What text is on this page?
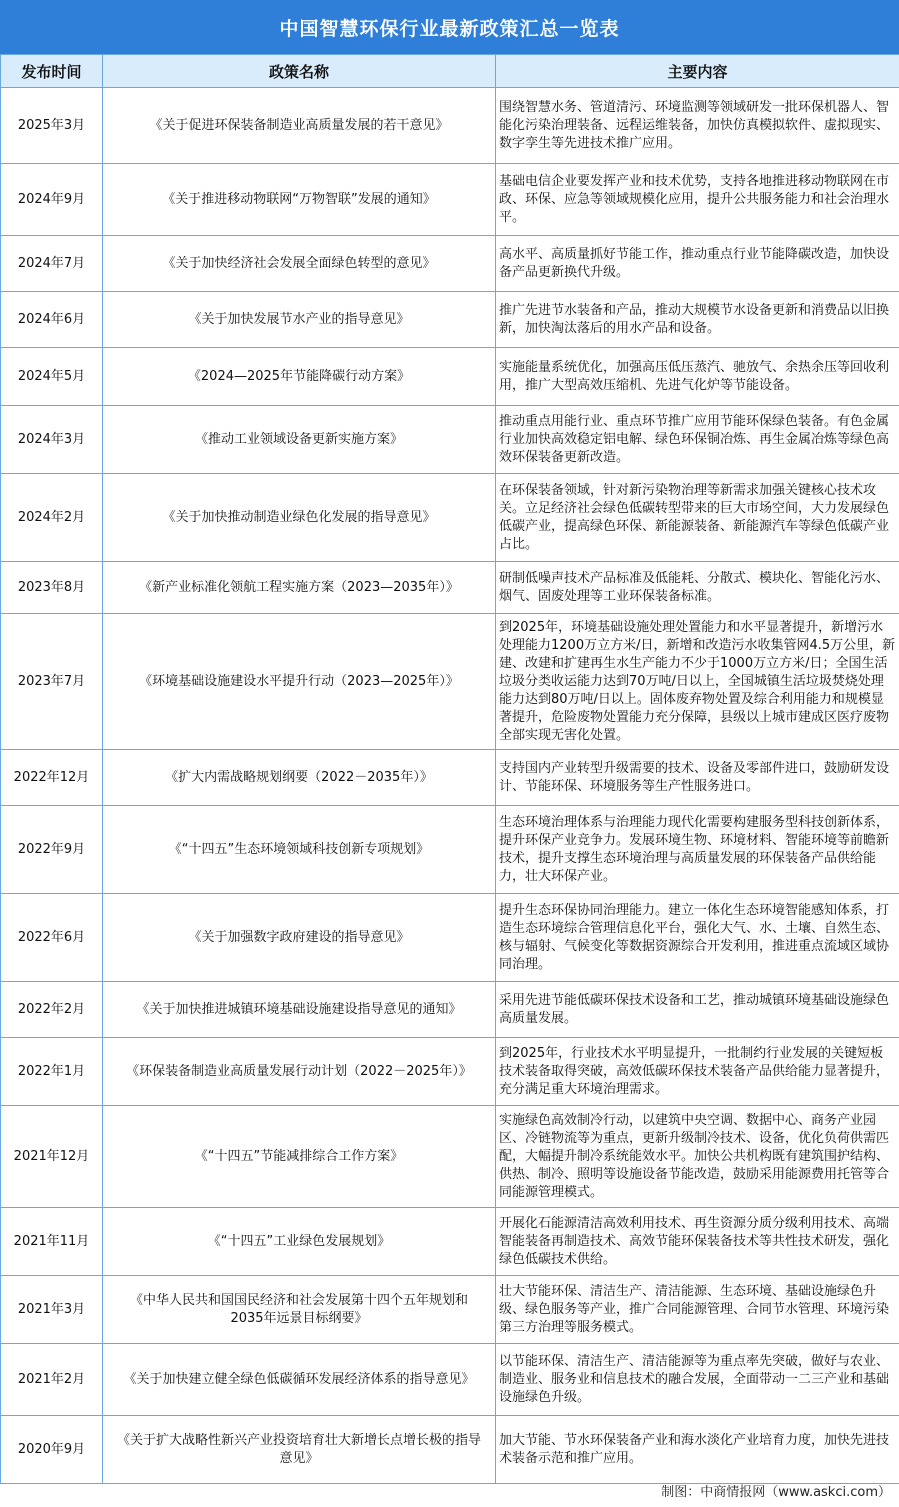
中国智慧环保行业最新政策汇总一览表
发布时间	政策名称	主要内容
2025年3月	《关于促进环保装备制造业高质量发展的若干意见》	围绕智慧水务、管道清污、环境监测等领域研发一批环保机器人、智能化污染治理装备、远程运维装备，加快仿真模拟软件、虚拟现实、数字孪生等先进技术推广应用。
2024年9月	《关于推进移动物联网“万物智联”发展的通知》	基础电信企业要发挥产业和技术优势，支持各地推进移动物联网在市政、环保、应急等领域规模化应用，提升公共服务能力和社会治理水平。
2024年7月	《关于加快经济社会发展全面绿色转型的意见》	高水平、高质量抓好节能工作，推动重点行业节能降碳改造，加快设备产品更新换代升级。
2024年6月	《关于加快发展节水产业的指导意见》	推广先进节水装备和产品，推动大规模节水设备更新和消费品以旧换新，加快淘汰落后的用水产品和设备。
2024年5月	《2024—2025年节能降碳行动方案》	实施能量系统优化，加强高压低压蒸汽、驰放气、余热余压等回收利用，推广大型高效压缩机、先进气化炉等节能设备。
2024年3月	《推动工业领域设备更新实施方案》	推动重点用能行业、重点环节推广应用节能环保绿色装备。有色金属行业加快高效稳定铝电解、绿色环保铜冶炼、再生金属冶炼等绿色高效环保装备更新改造。
2024年2月	《关于加快推动制造业绿色化发展的指导意见》	在环保装备领域，针对新污染物治理等新需求加强关键核心技术攻关。立足经济社会绿色低碳转型带来的巨大市场空间，大力发展绿色低碳产业，提高绿色环保、新能源装备、新能源汽车等绿色低碳产业占比。
2023年8月	《新产业标准化领航工程实施方案（2023—2035年）》	研制低噪声技术产品标准及低能耗、分散式、模块化、智能化污水、烟气、固废处理等工业环保装备标准。
2023年7月	《环境基础设施建设水平提升行动（2023—2025年）》	到2025年，环境基础设施处理处置能力和水平显著提升，新增污水处理能力1200万立方米/日，新增和改造污水收集管网4.5万公里，新建、改建和扩建再生水生产能力不少于1000万立方米/日；全国生活垃圾分类收运能力达到70万吨/日以上，全国城镇生活垃圾焚烧处理能力达到80万吨/日以上。固体废弃物处置及综合利用能力和规模显著提升，危险废物处置能力充分保障，县级以上城市建成区医疗废物全部实现无害化处置。
2022年12月	《扩大内需战略规划纲要（2022－2035年）》	支持国内产业转型升级需要的技术、设备及零部件进口，鼓励研发设计、节能环保、环境服务等生产性服务进口。
2022年9月	《“十四五”生态环境领域科技创新专项规划》	生态环境治理体系与治理能力现代化需要构建服务型科技创新体系，提升环保产业竞争力。发展环境生物、环境材料、智能环境等前瞻新技术，提升支撑生态环境治理与高质量发展的环保装备产品供给能力，壮大环保产业。
2022年6月	《关于加强数字政府建设的指导意见》	提升生态环保协同治理能力。建立一体化生态环境智能感知体系，打造生态环境综合管理信息化平台，强化大气、水、土壤、自然生态、核与辐射、气候变化等数据资源综合开发利用，推进重点流域区域协同治理。
2022年2月	《关于加快推进城镇环境基础设施建设指导意见的通知》	采用先进节能低碳环保技术设备和工艺，推动城镇环境基础设施绿色高质量发展。
2022年1月	《环保装备制造业高质量发展行动计划（2022－2025年）》	到2025年，行业技术水平明显提升，一批制约行业发展的关键短板技术装备取得突破，高效低碳环保技术装备产品供给能力显著提升，充分满足重大环境治理需求。
2021年12月	《“十四五”节能减排综合工作方案》	实施绿色高效制冷行动，以建筑中央空调、数据中心、商务产业园区、冷链物流等为重点，更新升级制冷技术、设备，优化负荷供需匹配，大幅提升制冷系统能效水平。加快公共机构既有建筑围护结构、供热、制冷、照明等设施设备节能改造，鼓励采用能源费用托管等合同能源管理模式。
2021年11月	《“十四五”工业绿色发展规划》	开展化石能源清洁高效利用技术、再生资源分质分级利用技术、高端智能装备再制造技术、高效节能环保装备技术等共性技术研发，强化绿色低碳技术供给。
2021年3月	《中华人民共和国国民经济和社会发展第十四个五年规划和2035年远景目标纲要》	壮大节能环保、清洁生产、清洁能源、生态环境、基础设施绿色升级、绿色服务等产业，推广合同能源管理、合同节水管理、环境污染第三方治理等服务模式。
2021年2月	《关于加快建立健全绿色低碳循环发展经济体系的指导意见》	以节能环保、清洁生产、清洁能源等为重点率先突破，做好与农业、制造业、服务业和信息技术的融合发展，全面带动一二三产业和基础设施绿色升级。
2020年9月	《关于扩大战略性新兴产业投资培育壮大新增长点增长极的指导意见》	加大节能、节水环保装备产业和海水淡化产业培育力度，加快先进技术装备示范和推广应用。
制图：中商情报网（www.askci.com）
